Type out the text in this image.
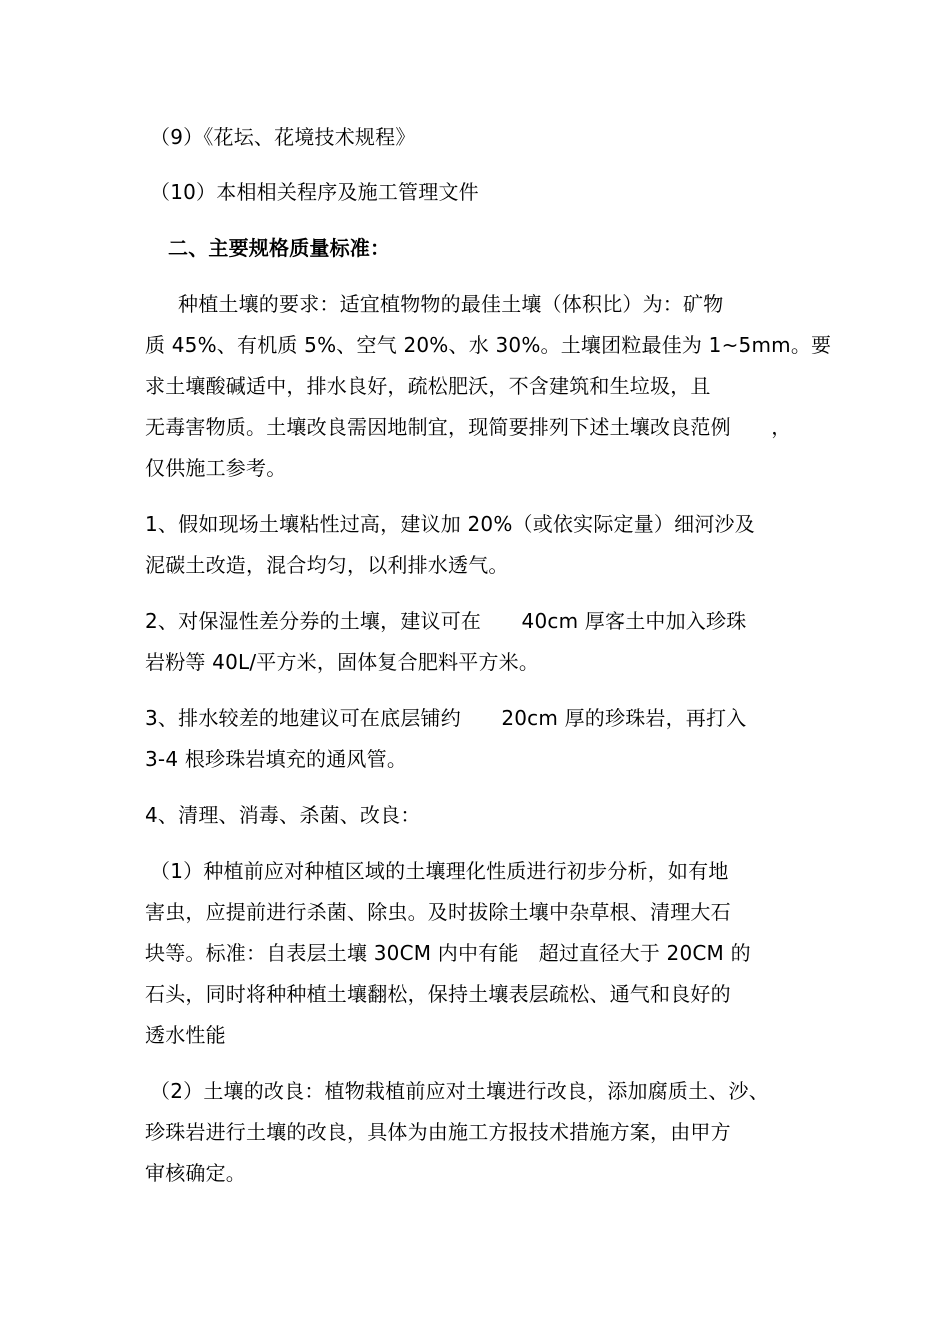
（9）《花坛、花境技术规程》
（10）本相相关程序及施工管理文件
二、主要规格质量标准：
种植土壤的要求：适宜植物物的最佳土壤（体积比）为：矿物
质 45%、有机质 5%、空气 20%、水 30%。土壤团粒最佳为 1~5mm。要
求土壤酸碱适中，排水良好，疏松肥沃，不含建筑和生垃圾，且
无毒害物质。土壤改良需因地制宜，现简要排列下述土壤改良范例　　，
仅供施工参考。
1、假如现场土壤粘性过高，建议加 20%（或依实际定量）细河沙及
泥碳土改造，混合均匀，以利排水透气。
2、对保湿性差分券的土壤，建议可在　　40cm 厚客土中加入珍珠
岩粉等 40L/平方米，固体复合肥料平方米。
3、排水较差的地建议可在底层铺约　　20cm 厚的珍珠岩，再打入
3-4 根珍珠岩填充的通风管。
4、清理、消毒、杀菌、改良：
（1）种植前应对种植区域的土壤理化性质进行初步分析，如有地
害虫，应提前进行杀菌、除虫。及时拔除土壤中杂草根、清理大石
块等。标准：自表层土壤 30CM 内中有能　超过直径大于 20CM 的
石头，同时将种种植土壤翻松，保持土壤表层疏松、通气和良好的
透水性能
（2）土壤的改良：植物栽植前应对土壤进行改良，添加腐质土、沙、
珍珠岩进行土壤的改良，具体为由施工方报技术措施方案，由甲方
审核确定。
